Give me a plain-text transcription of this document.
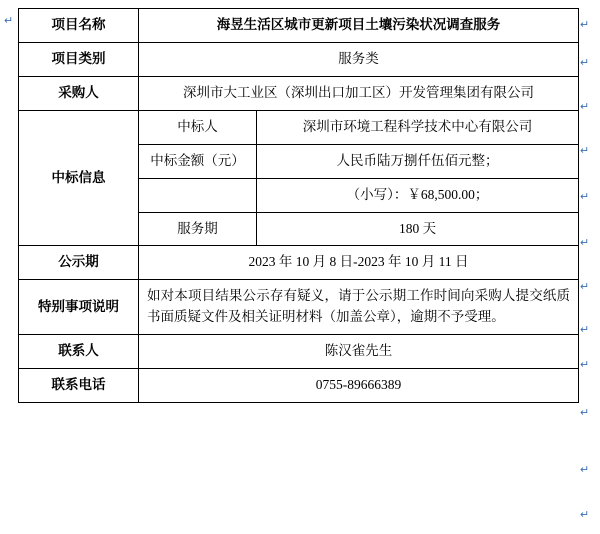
↵	项目名称	海昱生活区城市更新项目土壤污染状况调查服务	
项目类别	服务类	
采购人	深圳市大工业区（深圳出口加工区）开发管理集团有限公司	
中标信息	中标人	深圳市环境工程科学技术中心有限公司
	中标金额（元）	人民币陆万捌仟伍佰元整；
		（小写）：￥68,500.00；
	服务期	180 天
公示期	2023 年 10 月 8 日-2023 年 10 月 11 日	
特别事项说明	如对本项目结果公示存有疑义，请于公示期工作时间向采购人提交纸质书面质疑文件及相关证明材料（加盖公章），逾期不予受理。	
联系人	陈汉雀先生	
联系电话	0755-89666389	
↵
↵
↵
↵
↵
↵
↵
↵
↵
↵
↵
↵
